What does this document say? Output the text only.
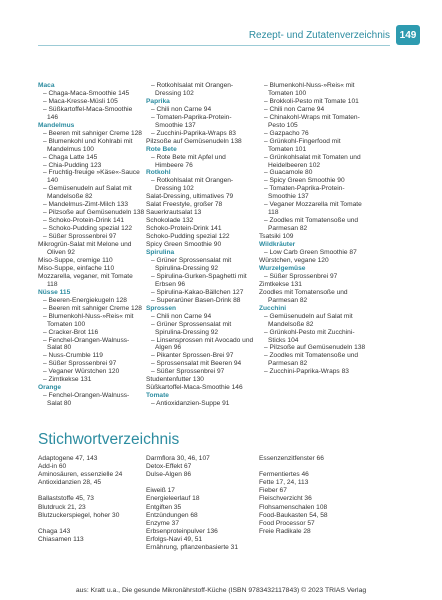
Rezept- und Zutatenverzeichnis 149
Maca
– Chaga-Maca-Smoothie 145
– Maca-Kresse-Müsli 105
– Süßkartoffel-Maca-Smoothie
146
Mandelmus
– Beeren mit sahniger Creme 128
– Blumenkohl und Kohlrabi mit
Mandelmus 100
– Chaga Latte 145
– Chia-Pudding 123
– Fruchtig-freuige »Käse«-Sauce
140
– Gemüsenudeln auf Salat mit
Mandelsoße 82
– Mandelmus-Zimt-Milch 133
– Pilzsoße auf Gemüsenudeln 138
– Schoko-Protein-Drink 141
– Schoko-Pudding spezial 122
– Süßer Sprossenbrei 97
Mikrogrün-Salat mit Melone und
Oliven 92
Miso-Suppe, cremige 110
Miso-Suppe, einfache 110
Mozzarella, veganer, mit Tomate
118
Nüsse 115
– Beeren-Energiekugeln 128
– Beeren mit sahniger Creme 128
– Blumenkohl-Nuss-»Reis« mit
Tomaten 100
– Cracker-Brot 116
– Fenchel-Orangen-Walnuss-
Salat 80
– Nuss-Crumble 119
– Süßer Sprossenbrei 97
– Veganer Würstchen 120
– Zimtkekse 131
Orange
– Fenchel-Orangen-Walnuss-
Salat 80
– Rotkohlsalat mit Orangen-
Dressing 102
Paprika
– Chili non Carne 94
– Tomaten-Paprika-Protein-
Smoothie 137
– Zucchini-Paprika-Wraps 83
Pilzsoße auf Gemüsenudeln 138
Rote Bete
– Rote Bete mit Apfel und
Himbeere 76
Rotkohl
– Rotkohlsalat mit Orangen-
Dressing 102
Salat-Dressing, ultimatives 79
Salat Freestyle, großer 78
Sauerkrautsalat 13
Schokolade 132
Schoko-Protein-Drink 141
Schoko-Pudding spezial 122
Spicy Green Smoothie 90
Spirulina
– Grüner Sprossensalat mit
Spirulina-Dressing 92
– Spirulina-Gurken-Spaghetti mit
Erbsen 96
– Spirulina-Kakao-Bällchen 127
– Superarüner Basen-Drink 88
Sprossen
– Chili non Carne 94
– Grüner Sprossensalat mit
Spirulina-Dressing 92
– Linsensprossen mit Avocado und
Algen 96
– Pikanter Sprossen-Brei 97
– Sprossensalat mit Beeren 94
– Süßer Sprossenbrei 97
Studentenfutter 130
Süßkartoffel-Maca-Smoothie 146
Tomate
– Antioxidanzien-Suppe 91
– Blumenkohl-Nuss-»Reis« mit
Tomaten 100
– Brokkoli-Pesto mit Tomate 101
– Chili non Carne 94
– Chinakohl-Wraps mit Tomaten-
Pesto 105
– Gazpacho 76
– Grünkohl-Fingerfood mit
Tomaten 101
– Grünkohlsalat mit Tomaten und
Heidelbeeren 102
– Guacamole 80
– Spicy Green Smoothie 90
– Tomaten-Paprika-Protein-
Smoothie 137
– Veganer Mozzarella mit Tomate
118
– Zoodles mit Tomatensoße und
Parmesan 82
Tsatsiki 109
Wildkräuter
– Low Carb Green Smoothie 87
Würstchen, vegane 120
Wurzelgemüse
– Süßer Sprossenbrei 97
Zimtkekse 131
Zoodles mit Tomatensoße und
Parmesan 82
Zucchini
– Gemüsenudeln auf Salat mit
Mandelsoße 82
– Grünkohl-Pesto mit Zucchini-
Sticks 104
– Pilzsoße auf Gemüsenudeln 138
– Zoodles mit Tomatensoße und
Parmesan 82
– Zucchini-Paprika-Wraps 83
Stichwortverzeichnis
Adaptogene 47, 143
Add-in 60
Aminosäuren, essenzielle 24
Antioxidanzien 28, 45
Ballaststoffe 45, 73
Blutdruck 21, 23
Blutzuckerspiegel, hoher 30
Chaga 143
Chiasamen 113
Darmflora 30, 46, 107
Detox-Effekt 67
Dulse-Algen 86
Eiweiß 17
Energieleerlauf 18
Entgiften 35
Entzündungen 68
Enzyme 37
Erbsenproteinpulver 136
Erfolgs-Navi 49, 51
Ernährung, pflanzenbasierte 31
Essenzenzitfenster 66
Fermentiertes 46
Fette 17, 24, 113
Fieber 67
Fleischverzicht 36
Flohsamenschalen 108
Food-Baukasten 54, 58
Food Processor 57
Freie Radikale 28
aus: Kratt u.a., Die gesunde Mikronährstoff-Küche (ISBN 9783432117843) © 2023 TRIAS Verlag
